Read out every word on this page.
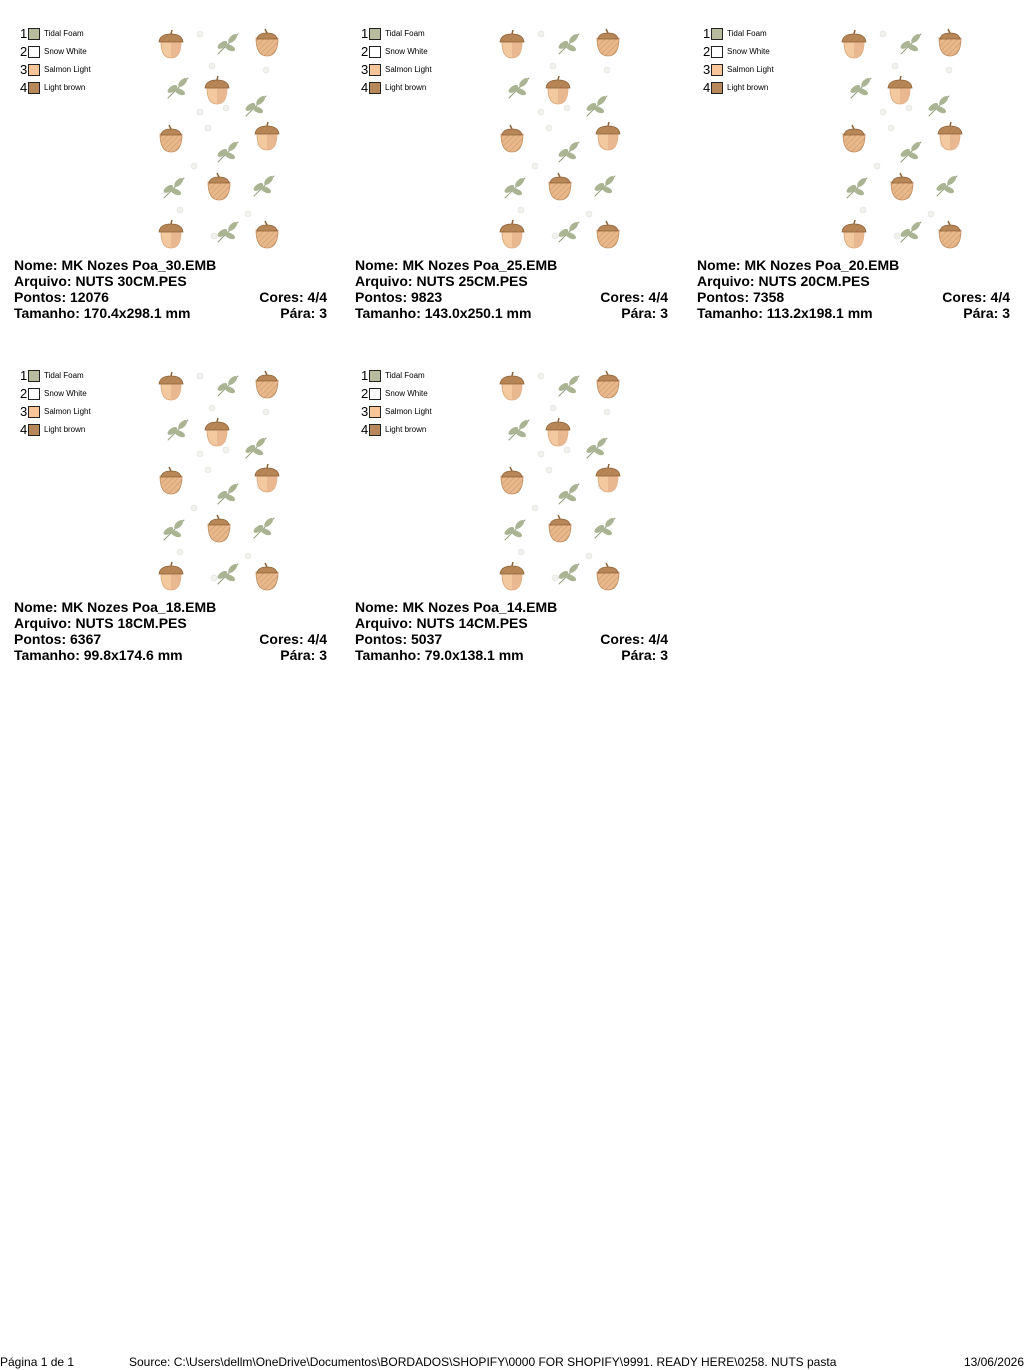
1 Tidal Foam
2 Snow White
3 Salmon Light
4 Light brown
Nome: MK Nozes Poa_30.EMB
Arquivo: NUTS 30CM.PES
Pontos: 12076	Cores: 4/4
Tamanho: 170.4x298.1 mm	Pára: 3
1 Tidal Foam
2 Snow White
3 Salmon Light
4 Light brown
Nome: MK Nozes Poa_25.EMB
Arquivo: NUTS 25CM.PES
Pontos: 9823	Cores: 4/4
Tamanho: 143.0x250.1 mm	Pára: 3
1 Tidal Foam
2 Snow White
3 Salmon Light
4 Light brown
Nome: MK Nozes Poa_20.EMB
Arquivo: NUTS 20CM.PES
Pontos: 7358	Cores: 4/4
Tamanho: 113.2x198.1 mm	Pára: 3
1 Tidal Foam
2 Snow White
3 Salmon Light
4 Light brown
Nome: MK Nozes Poa_18.EMB
Arquivo: NUTS 18CM.PES
Pontos: 6367	Cores: 4/4
Tamanho: 99.8x174.6 mm	Pára: 3
1 Tidal Foam
2 Snow White
3 Salmon Light
4 Light brown
Nome: MK Nozes Poa_14.EMB
Arquivo: NUTS 14CM.PES
Pontos: 5037	Cores: 4/4
Tamanho: 79.0x138.1 mm	Pára: 3
Página 1 de 1	Source: C:\Users\dellm\OneDrive\Documentos\BORDADOS\SHOPIFY\0000 FOR SHOPIFY\9991. READY HERE\0258. NUTS pasta	13/06/2026
